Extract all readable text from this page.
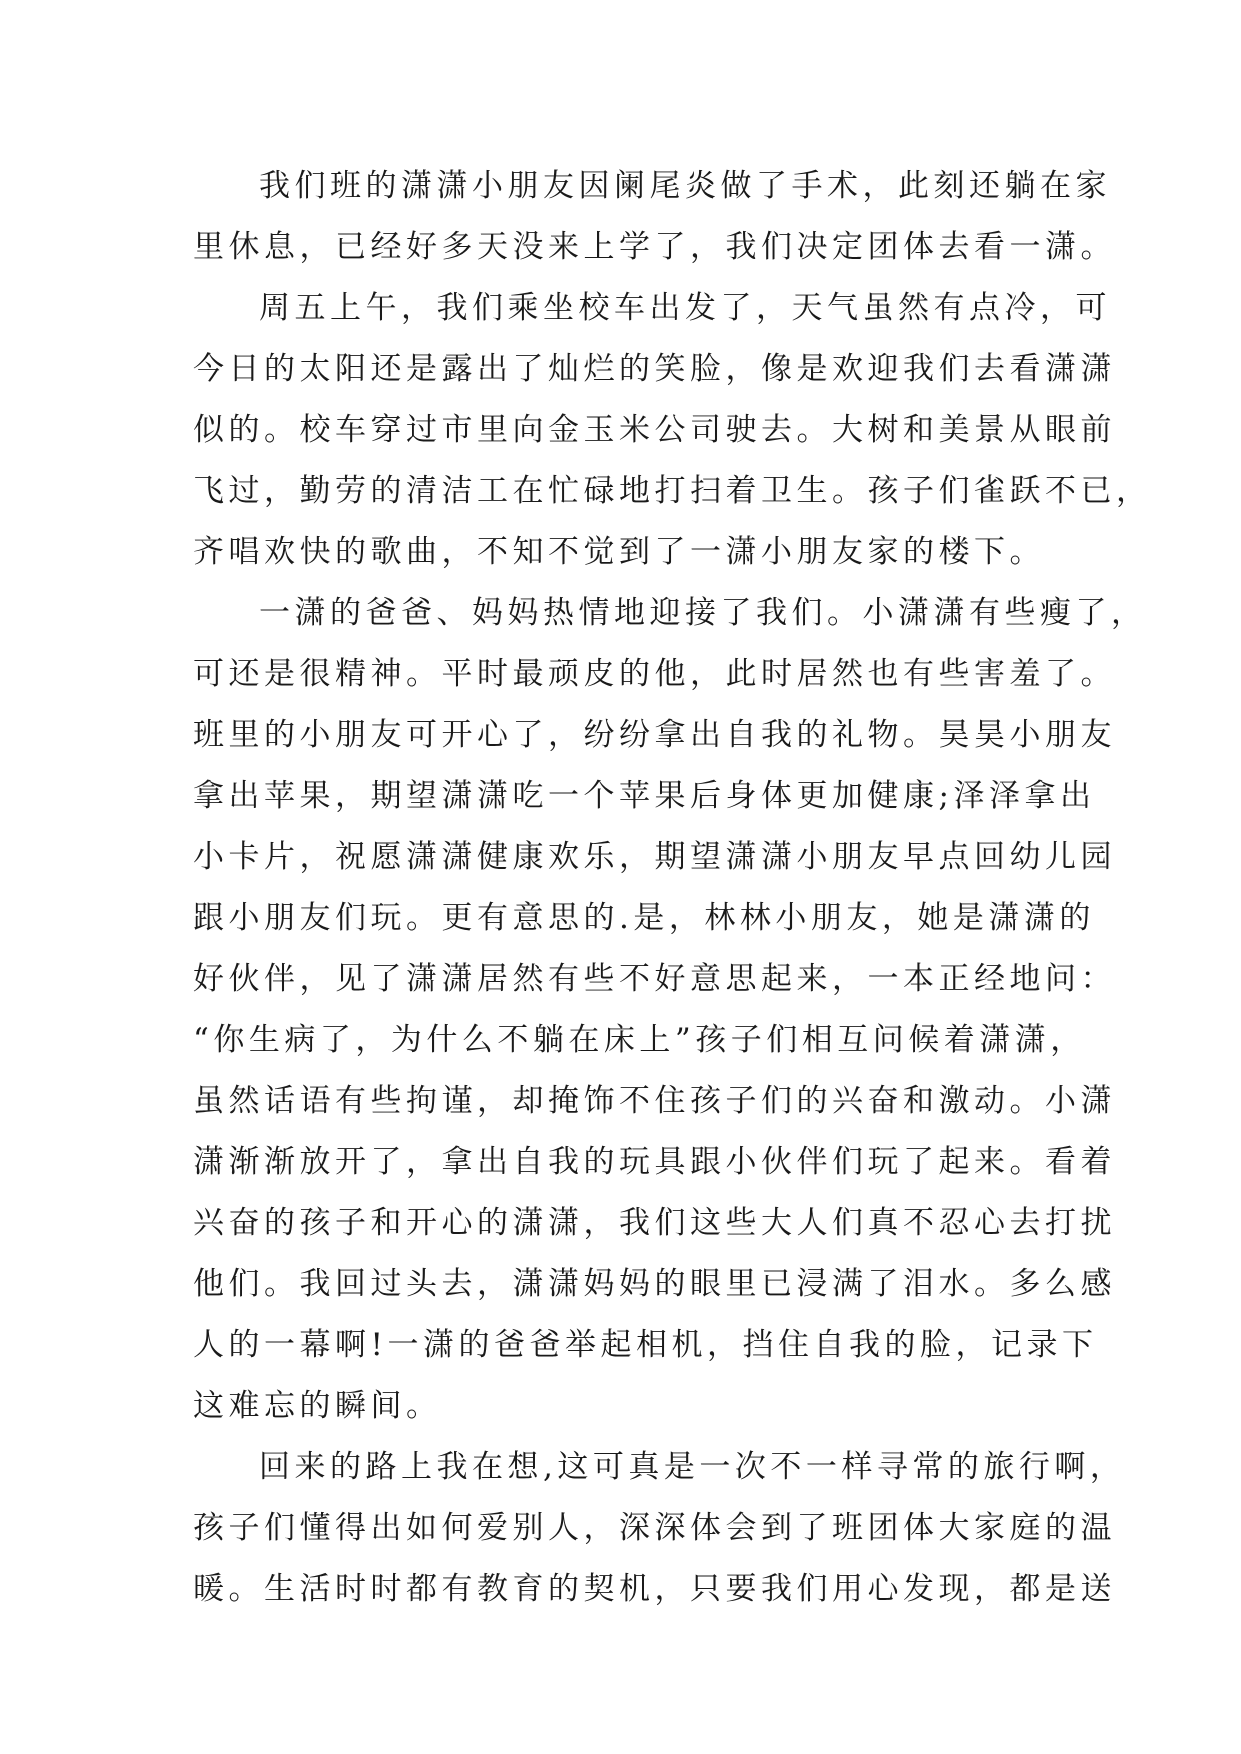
我们班的潇潇小朋友因阑尾炎做了手术，此刻还躺在家
里休息，已经好多天没来上学了，我们决定团体去看一潇。
周五上午，我们乘坐校车出发了，天气虽然有点冷，可
今日的太阳还是露出了灿烂的笑脸，像是欢迎我们去看潇潇
似的。校车穿过市里向金玉米公司驶去。大树和美景从眼前
飞过，勤劳的清洁工在忙碌地打扫着卫生。孩子们雀跃不已，
齐唱欢快的歌曲，不知不觉到了一潇小朋友家的楼下。
一潇的爸爸、妈妈热情地迎接了我们。小潇潇有些瘦了，
可还是很精神。平时最顽皮的他，此时居然也有些害羞了。
班里的小朋友可开心了，纷纷拿出自我的礼物。昊昊小朋友
拿出苹果，期望潇潇吃一个苹果后身体更加健康;泽泽拿出
小卡片，祝愿潇潇健康欢乐，期望潇潇小朋友早点回幼儿园
跟小朋友们玩。更有意思的.是，林林小朋友，她是潇潇的
好伙伴，见了潇潇居然有些不好意思起来，一本正经地问：
“你生病了，为什么不躺在床上”孩子们相互问候着潇潇，
虽然话语有些拘谨，却掩饰不住孩子们的兴奋和激动。小潇
潇渐渐放开了，拿出自我的玩具跟小伙伴们玩了起来。看着
兴奋的孩子和开心的潇潇，我们这些大人们真不忍心去打扰
他们。我回过头去，潇潇妈妈的眼里已浸满了泪水。多么感
人的一幕啊!一潇的爸爸举起相机，挡住自我的脸，记录下
这难忘的瞬间。
回来的路上我在想,这可真是一次不一样寻常的旅行啊，
孩子们懂得出如何爱别人，深深体会到了班团体大家庭的温
暖。生活时时都有教育的契机，只要我们用心发现，都是送
